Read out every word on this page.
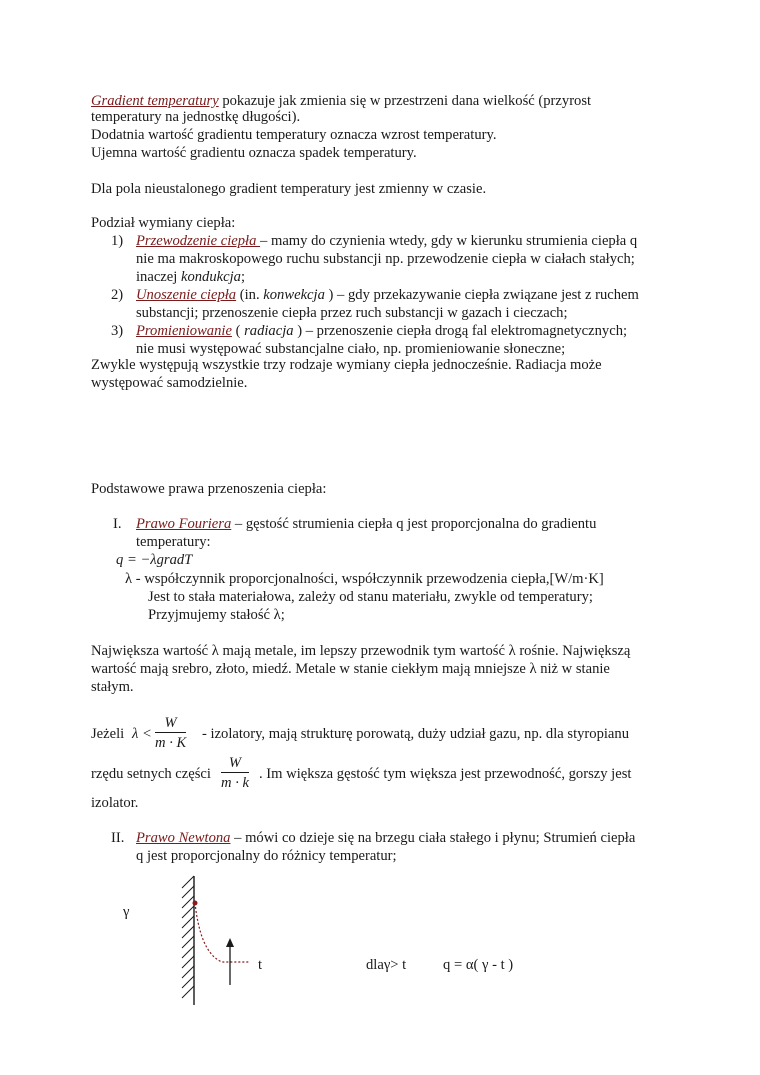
Gradient temperatury pokazuje jak zmienia się w przestrzeni dana wielkość (przyrost
temperatury na jednostkę długości).
Dodatnia wartość gradientu temperatury oznacza wzrost temperatury.
Ujemna wartość gradientu oznacza spadek temperatury.
Dla pola nieustalonego gradient temperatury jest zmienny w czasie.
Podział wymiany ciepła:
1) Przewodzenie ciepła – mamy do czynienia wtedy, gdy w kierunku strumienia ciepła q
nie ma makroskopowego ruchu substancji np. przewodzenie ciepła w ciałach stałych;
inaczej kondukcja;
2) Unoszenie ciepła (in. konwekcja ) – gdy przekazywanie ciepła związane jest z ruchem
substancji; przenoszenie ciepła przez ruch substancji w gazach i cieczach;
3) Promieniowanie ( radiacja ) – przenoszenie ciepła drogą fal elektromagnetycznych;
nie musi występować substancjalne ciało, np. promieniowanie słoneczne;
Zwykle występują wszystkie trzy rodzaje wymiany ciepła jednocześnie. Radiacja może
występować samodzielnie.
Podstawowe prawa przenoszenia ciepła:
I. Prawo Fouriera – gęstość strumienia ciepła q jest proporcjonalna do gradientu
temperatury:
q = −λgradT
λ - współczynnik proporcjonalności, współczynnik przewodzenia ciepła,[W/m·K]
Jest to stała materiałowa, zależy od stanu materiału, zwykle od temperatury;
Przyjmujemy stałość λ;
Największa wartość λ mają metale, im lepszy przewodnik tym wartość λ rośnie. Największą
wartość mają srebro, złoto, miedź. Metale w stanie ciekłym mają mniejsze λ niż w stanie
stałym.
Jeżeli $\lambda < \frac{W}{m \cdot K}$ - izolatory, mają strukturę porowatą, duży udział gazu, np. dla styropianu
rzędu setnych części $\frac{W}{m \cdot k}$ . Im większa gęstość tym większa jest przewodność, gorszy jest
izolator.
II. Prawo Newtona – mówi co dzieje się na brzegu ciała stałego i płynu; Strumień ciepła
q jest proporcjonalny do różnicy temperatur;
γ
t	dlaγ> t	q = α( γ - t )
